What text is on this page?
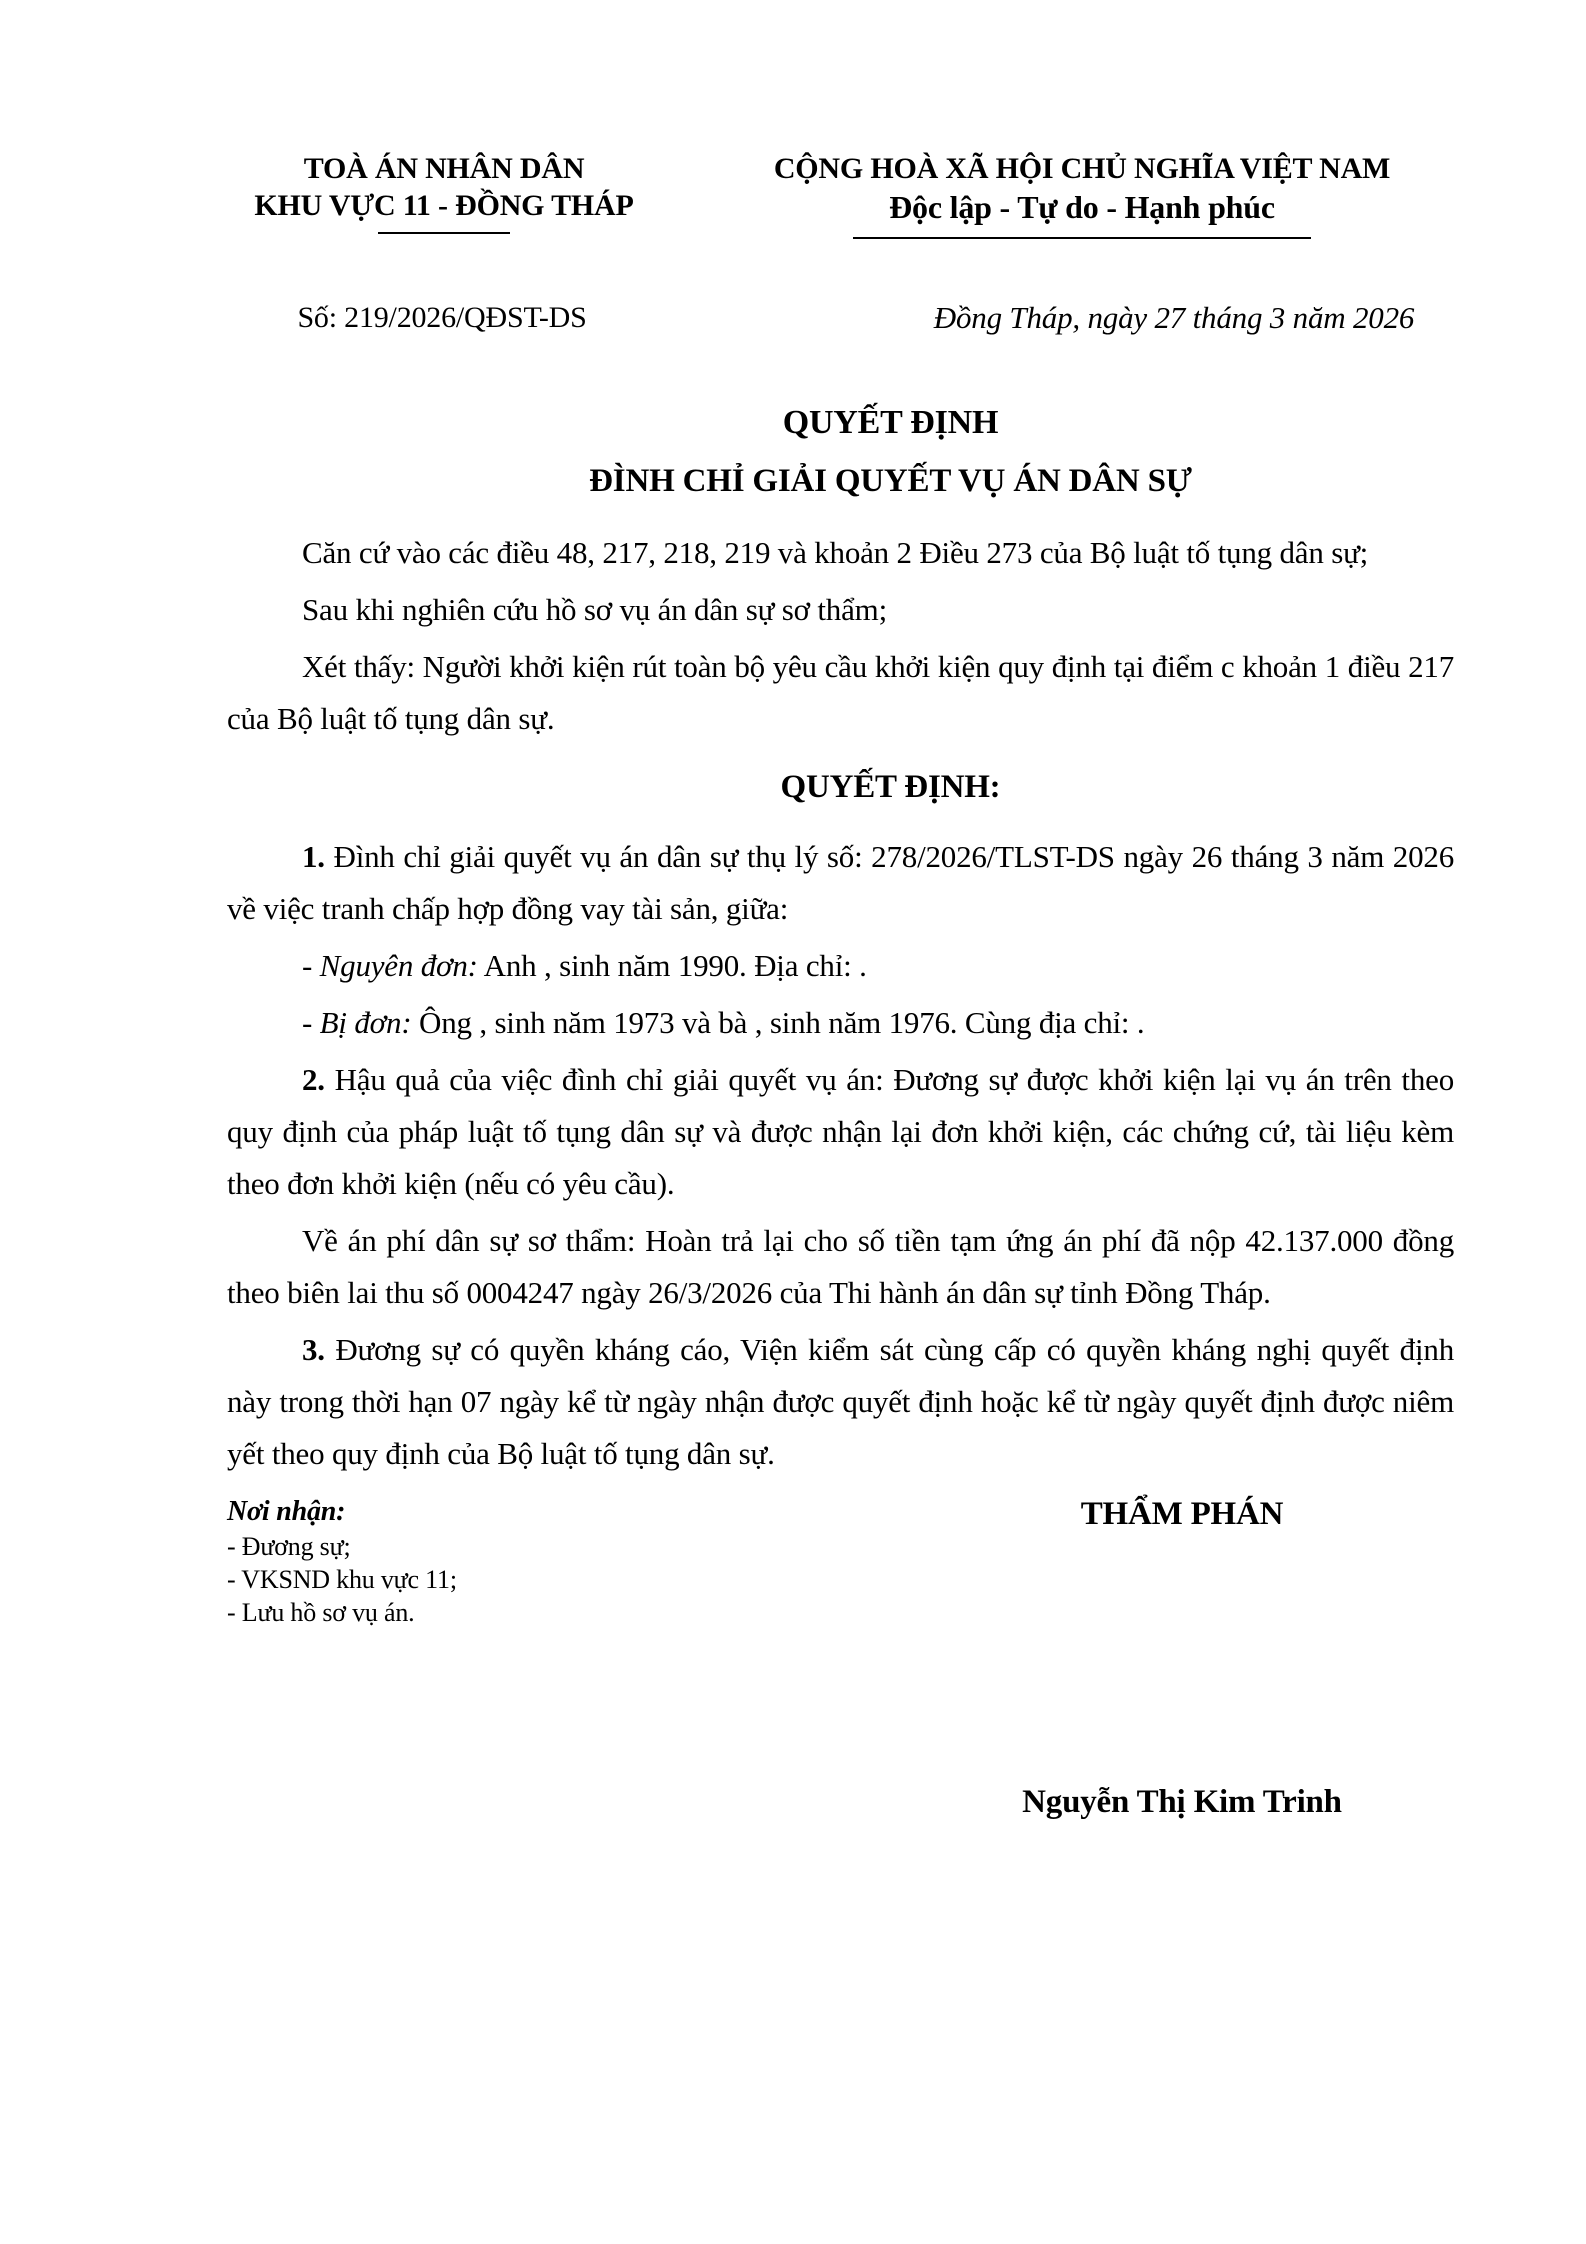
TOÀ ÁN NHÂN DÂN
KHU VỰC 11 - ĐỒNG THÁP
CỘNG HOÀ XÃ HỘI CHỦ NGHĨA VIỆT NAM
Độc lập - Tự do - Hạnh phúc
Số: 219/2026/QĐST-DS	Đồng Tháp, ngày 27 tháng 3 năm 2026
QUYẾT ĐỊNH
ĐÌNH CHỈ GIẢI QUYẾT VỤ ÁN DÂN SỰ

Căn cứ vào các điều 48, 217, 218, 219 và khoản 2 Điều 273 của Bộ luật tố tụng dân sự;

Sau khi nghiên cứu hồ sơ vụ án dân sự sơ thẩm;

Xét thấy: Người khởi kiện rút toàn bộ yêu cầu khởi kiện quy định tại điểm c khoản 1 điều 217 của Bộ luật tố tụng dân sự.

QUYẾT ĐỊNH:

1. Đình chỉ giải quyết vụ án dân sự thụ lý số: 278/2026/TLST-DS ngày 26 tháng 3 năm 2026 về việc tranh chấp hợp đồng vay tài sản, giữa:

- Nguyên đơn: Anh , sinh năm 1990. Địa chỉ: .

- Bị đơn: Ông , sinh năm 1973 và bà , sinh năm 1976. Cùng địa chỉ: .

2. Hậu quả của việc đình chỉ giải quyết vụ án: Đương sự được khởi kiện lại vụ án trên theo quy định của pháp luật tố tụng dân sự và được nhận lại đơn khởi kiện, các chứng cứ, tài liệu kèm theo đơn khởi kiện (nếu có yêu cầu).

Về án phí dân sự sơ thẩm: Hoàn trả lại cho số tiền tạm ứng án phí đã nộp 42.137.000 đồng theo biên lai thu số 0004247 ngày 26/3/2026 của Thi hành án dân sự tỉnh Đồng Tháp.

3. Đương sự có quyền kháng cáo, Viện kiểm sát cùng cấp có quyền kháng nghị quyết định này trong thời hạn 07 ngày kể từ ngày nhận được quyết định hoặc kể từ ngày quyết định được niêm yết theo quy định của Bộ luật tố tụng dân sự.

Nơi nhận:
- Đương sự;
- VKSND khu vực 11;
- Lưu hồ sơ vụ án.
THẨM PHÁN
Nguyễn Thị Kim Trinh
